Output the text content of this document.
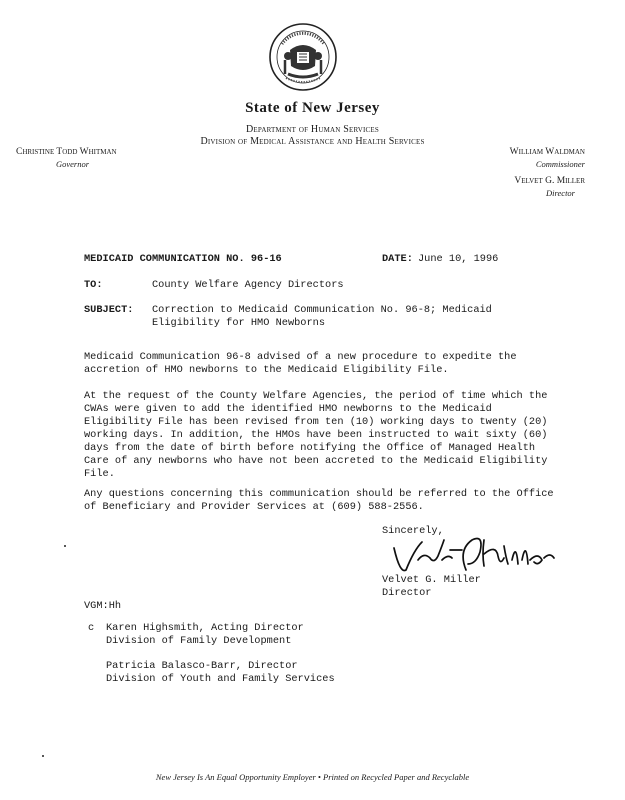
State of New Jersey
Department of Human Services
Division of Medical Assistance and Health Services
Christine Todd Whitman
Governor
William Waldman
Commissioner
Velvet G. Miller
Director
MEDICAID COMMUNICATION NO. 96-16	DATE: June 10, 1996
TO:	County Welfare Agency Directors
SUBJECT: Correction to Medicaid Communication No. 96-8; Medicaid
Eligibility for HMO Newborns
Medicaid Communication 96-8 advised of a new procedure to expedite the
accretion of HMO newborns to the Medicaid Eligibility File.
At the request of the County Welfare Agencies, the period of time which the
CWAs were given to add the identified HMO newborns to the Medicaid
Eligibility File has been revised from ten (10) working days to twenty (20)
working days. In addition, the HMOs have been instructed to wait sixty (60)
days from the date of birth before notifying the Office of Managed Health
Care of any newborns who have not been accreted to the Medicaid Eligibility
File.
Any questions concerning this communication should be referred to the Office
of Beneficiary and Provider Services at (609) 588-2556.
Sincerely,
Velvet G. Miller
Director
VGM:Hh
c Karen Highsmith, Acting Director
Division of Family Development
Patricia Balasco-Barr, Director
Division of Youth and Family Services
New Jersey Is An Equal Opportunity Employer • Printed on Recycled Paper and Recyclable
